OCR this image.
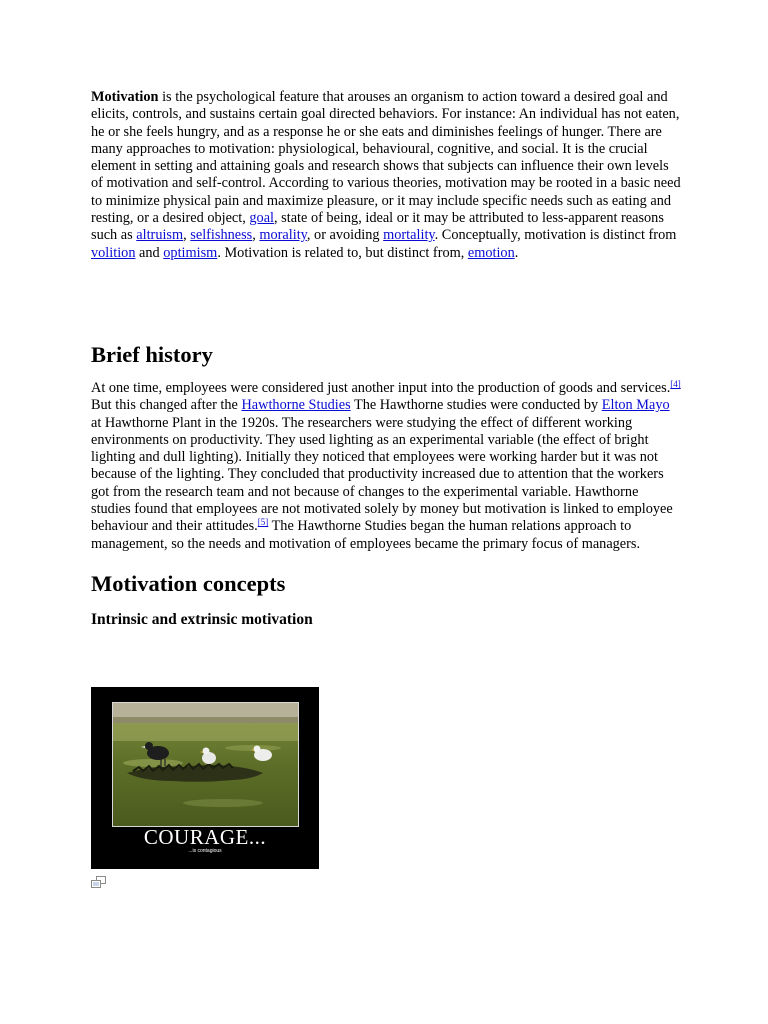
Motivation is the psychological feature that arouses an organism to action toward a desired goal and elicits, controls, and sustains certain goal directed behaviors. For instance: An individual has not eaten, he or she feels hungry, and as a response he or she eats and diminishes feelings of hunger. There are many approaches to motivation: physiological, behavioural, cognitive, and social. It is the crucial element in setting and attaining goals and research shows that subjects can influence their own levels of motivation and self-control. According to various theories, motivation may be rooted in a basic need to minimize physical pain and maximize pleasure, or it may include specific needs such as eating and resting, or a desired object, goal, state of being, ideal or it may be attributed to less-apparent reasons such as altruism, selfishness, morality, or avoiding mortality. Conceptually, motivation is distinct from volition and optimism. Motivation is related to, but distinct from, emotion.

Brief history

At one time, employees were considered just another input into the production of goods and services.[4] But this changed after the Hawthorne Studies The Hawthorne studies were conducted by Elton Mayo at Hawthorne Plant in the 1920s. The researchers were studying the effect of different working environments on productivity. They used lighting as an experimental variable (the effect of bright lighting and dull lighting). Initially they noticed that employees were working harder but it was not because of the lighting. They concluded that productivity increased due to attention that the workers got from the research team and not because of changes to the experimental variable. Hawthorne studies found that employees are not motivated solely by money but motivation is linked to employee behaviour and their attitudes.[5] The Hawthorne Studies began the human relations approach to management, so the needs and motivation of employees became the primary focus of managers.

Motivation concepts
Intrinsic and extrinsic motivation
COURAGE...
...is contagious
